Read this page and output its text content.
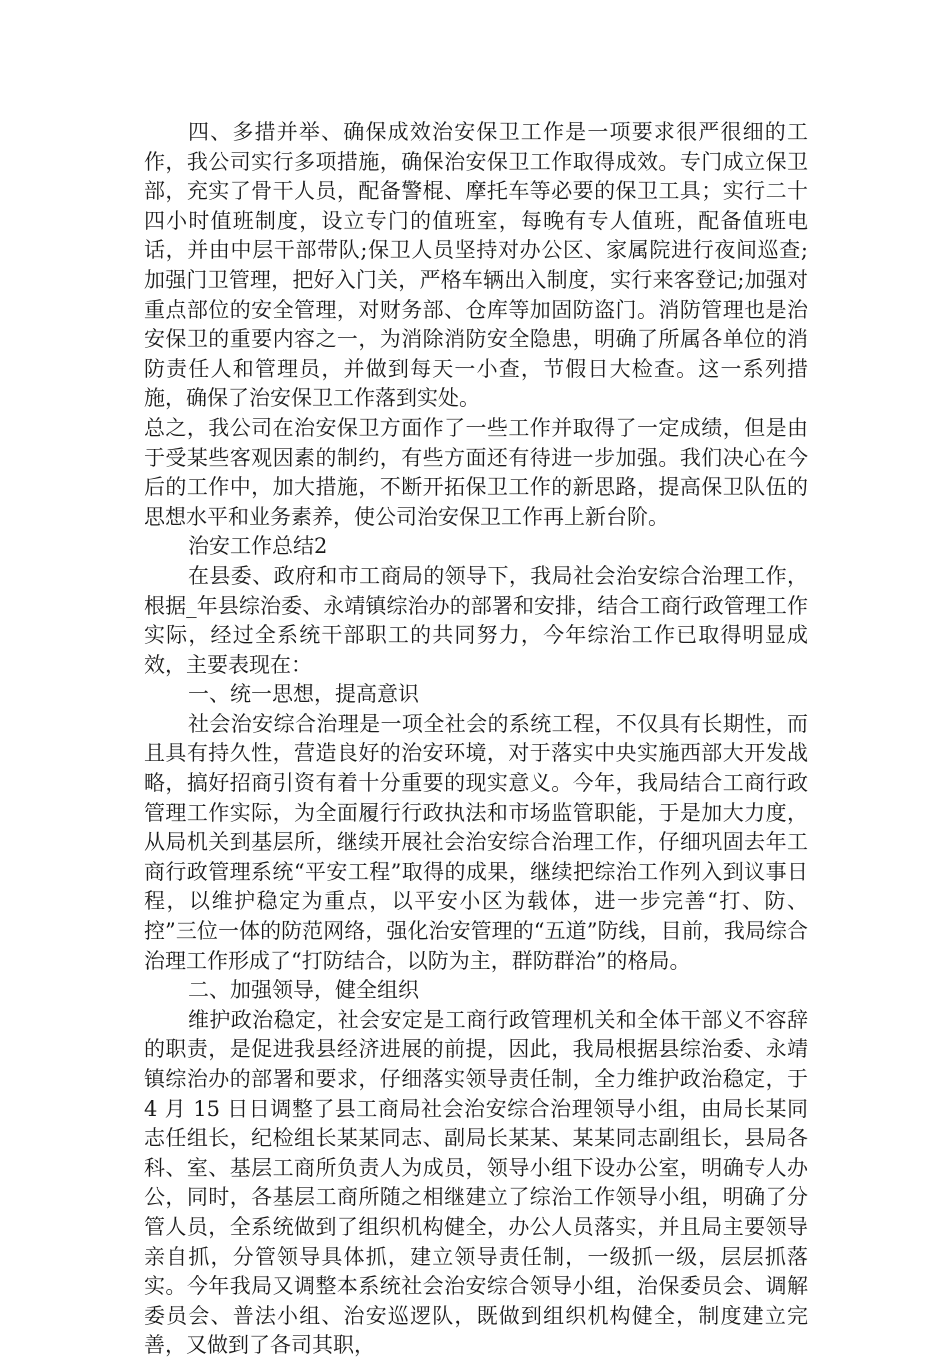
四、多措并举、确保成效治安保卫工作是一项要求很严很细的工作，我公司实行多项措施，确保治安保卫工作取得成效。专门成立保卫部，充实了骨干人员，配备警棍、摩托车等必要的保卫工具；实行二十四小时值班制度，设立专门的值班室，每晚有专人值班，配备值班电话，并由中层干部带队;保卫人员坚持对办公区、家属院进行夜间巡查;加强门卫管理，把好入门关，严格车辆出入制度，实行来客登记;加强对重点部位的安全管理，对财务部、仓库等加固防盗门。消防管理也是治安保卫的重要内容之一，为消除消防安全隐患，明确了所属各单位的消防责任人和管理员，并做到每天一小查，节假日大检查。这一系列措施，确保了治安保卫工作落到实处。

总之，我公司在治安保卫方面作了一些工作并取得了一定成绩，但是由于受某些客观因素的制约，有些方面还有待进一步加强。我们决心在今后的工作中，加大措施，不断开拓保卫工作的新思路，提高保卫队伍的思想水平和业务素养，使公司治安保卫工作再上新台阶。

治安工作总结2

在县委、政府和市工商局的领导下，我局社会治安综合治理工作，根据_年县综治委、永靖镇综治办的部署和安排，结合工商行政管理工作实际，经过全系统干部职工的共同努力，今年综治工作已取得明显成效，主要表现在：

一、统一思想，提高意识

社会治安综合治理是一项全社会的系统工程，不仅具有长期性，而且具有持久性，营造良好的治安环境，对于落实中央实施西部大开发战略，搞好招商引资有着十分重要的现实意义。今年，我局结合工商行政管理工作实际，为全面履行行政执法和市场监管职能，于是加大力度，从局机关到基层所，继续开展社会治安综合治理工作，仔细巩固去年工商行政管理系统“平安工程”取得的成果，继续把综治工作列入到议事日程，以维护稳定为重点，以平安小区为载体，进一步完善“打、防、控”三位一体的防范网络，强化治安管理的“五道”防线，目前，我局综合治理工作形成了“打防结合，以防为主，群防群治”的格局。

二、加强领导，健全组织

维护政治稳定，社会安定是工商行政管理机关和全体干部义不容辞的职责，是促进我县经济进展的前提，因此，我局根据县综治委、永靖镇综治办的部署和要求，仔细落实领导责任制，全力维护政治稳定，于 4 月 15 日日调整了县工商局社会治安综合治理领导小组，由局长某同志任组长，纪检组长某某同志、副局长某某、某某同志副组长，县局各科、室、基层工商所负责人为成员，领导小组下设办公室，明确专人办公，同时，各基层工商所随之相继建立了综治工作领导小组，明确了分管人员，全系统做到了组织机构健全，办公人员落实，并且局主要领导亲自抓，分管领导具体抓，建立领导责任制，一级抓一级，层层抓落实。今年我局又调整本系统社会治安综合领导小组，治保委员会、调解委员会、普法小组、治安巡逻队，既做到组织机构健全，制度建立完善，又做到了各司其职，
